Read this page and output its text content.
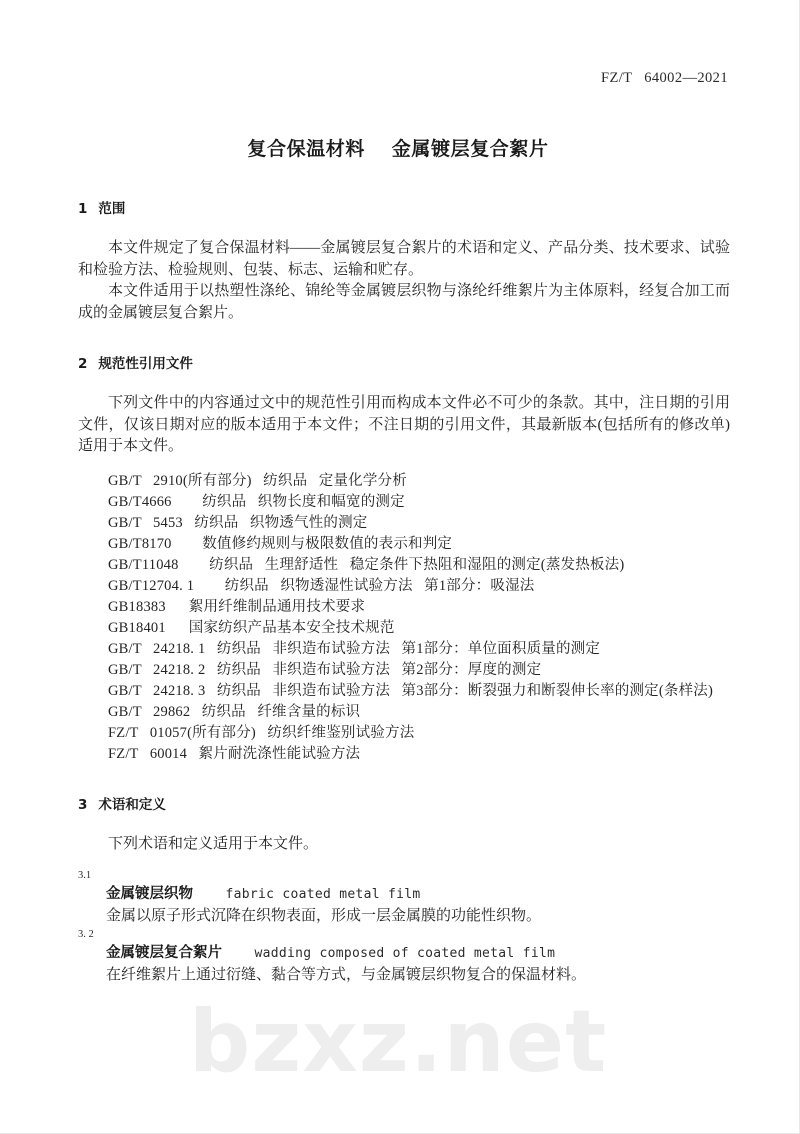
FZ/T   64002—2021
复合保温材料　 金属镀层复合絮片
1 范围

本文件规定了复合保温材料——金属镀层复合絮片的术语和定义、产品分类、技术要求、试验和检验方法、检验规则、包装、标志、运输和贮存。

本文件适用于以热塑性涤纶、锦纶等金属镀层织物与涤纶纤维絮片为主体原料，经复合加工而成的金属镀层复合絮片。

2 规范性引用文件

下列文件中的内容通过文中的规范性引用而构成本文件必不可少的条款。其中，注日期的引用文件，仅该日期对应的版本适用于本文件；不注日期的引用文件，其最新版本(包括所有的修改单)适用于本文件。

GB/T   2910(所有部分)   纺织品   定量化学分析
GB/T4666        纺织品   织物长度和幅宽的测定
GB/T   5453   纺织品   织物透气性的测定
GB/T8170        数值修约规则与极限数值的表示和判定
GB/T11048        纺织品   生理舒适性   稳定条件下热阻和湿阻的测定(蒸发热板法)
GB/T12704. 1        纺织品   织物透湿性试验方法   第1部分：吸湿法
GB18383      絮用纤维制品通用技术要求
GB18401      国家纺织产品基本安全技术规范
GB/T   24218. 1   纺织品   非织造布试验方法   第1部分：单位面积质量的测定
GB/T   24218. 2   纺织品   非织造布试验方法   第2部分：厚度的测定
GB/T   24218. 3   纺织品   非织造布试验方法   第3部分：断裂强力和断裂伸长率的测定(条样法)
GB/T   29862   纺织品   纤维含量的标识
FZ/T   01057(所有部分)   纺织纤维鉴别试验方法
FZ/T   60014   絮片耐洗涤性能试验方法
3 术语和定义

下列术语和定义适用于本文件。

3.1
金属镀层织物    fabric coated metal film
金属以原子形式沉降在织物表面，形成一层金属膜的功能性织物。
3. 2
金属镀层复合絮片    wadding composed of coated metal film
在纤维絮片上通过衍缝、黏合等方式，与金属镀层织物复合的保温材料。
bzxz.net
